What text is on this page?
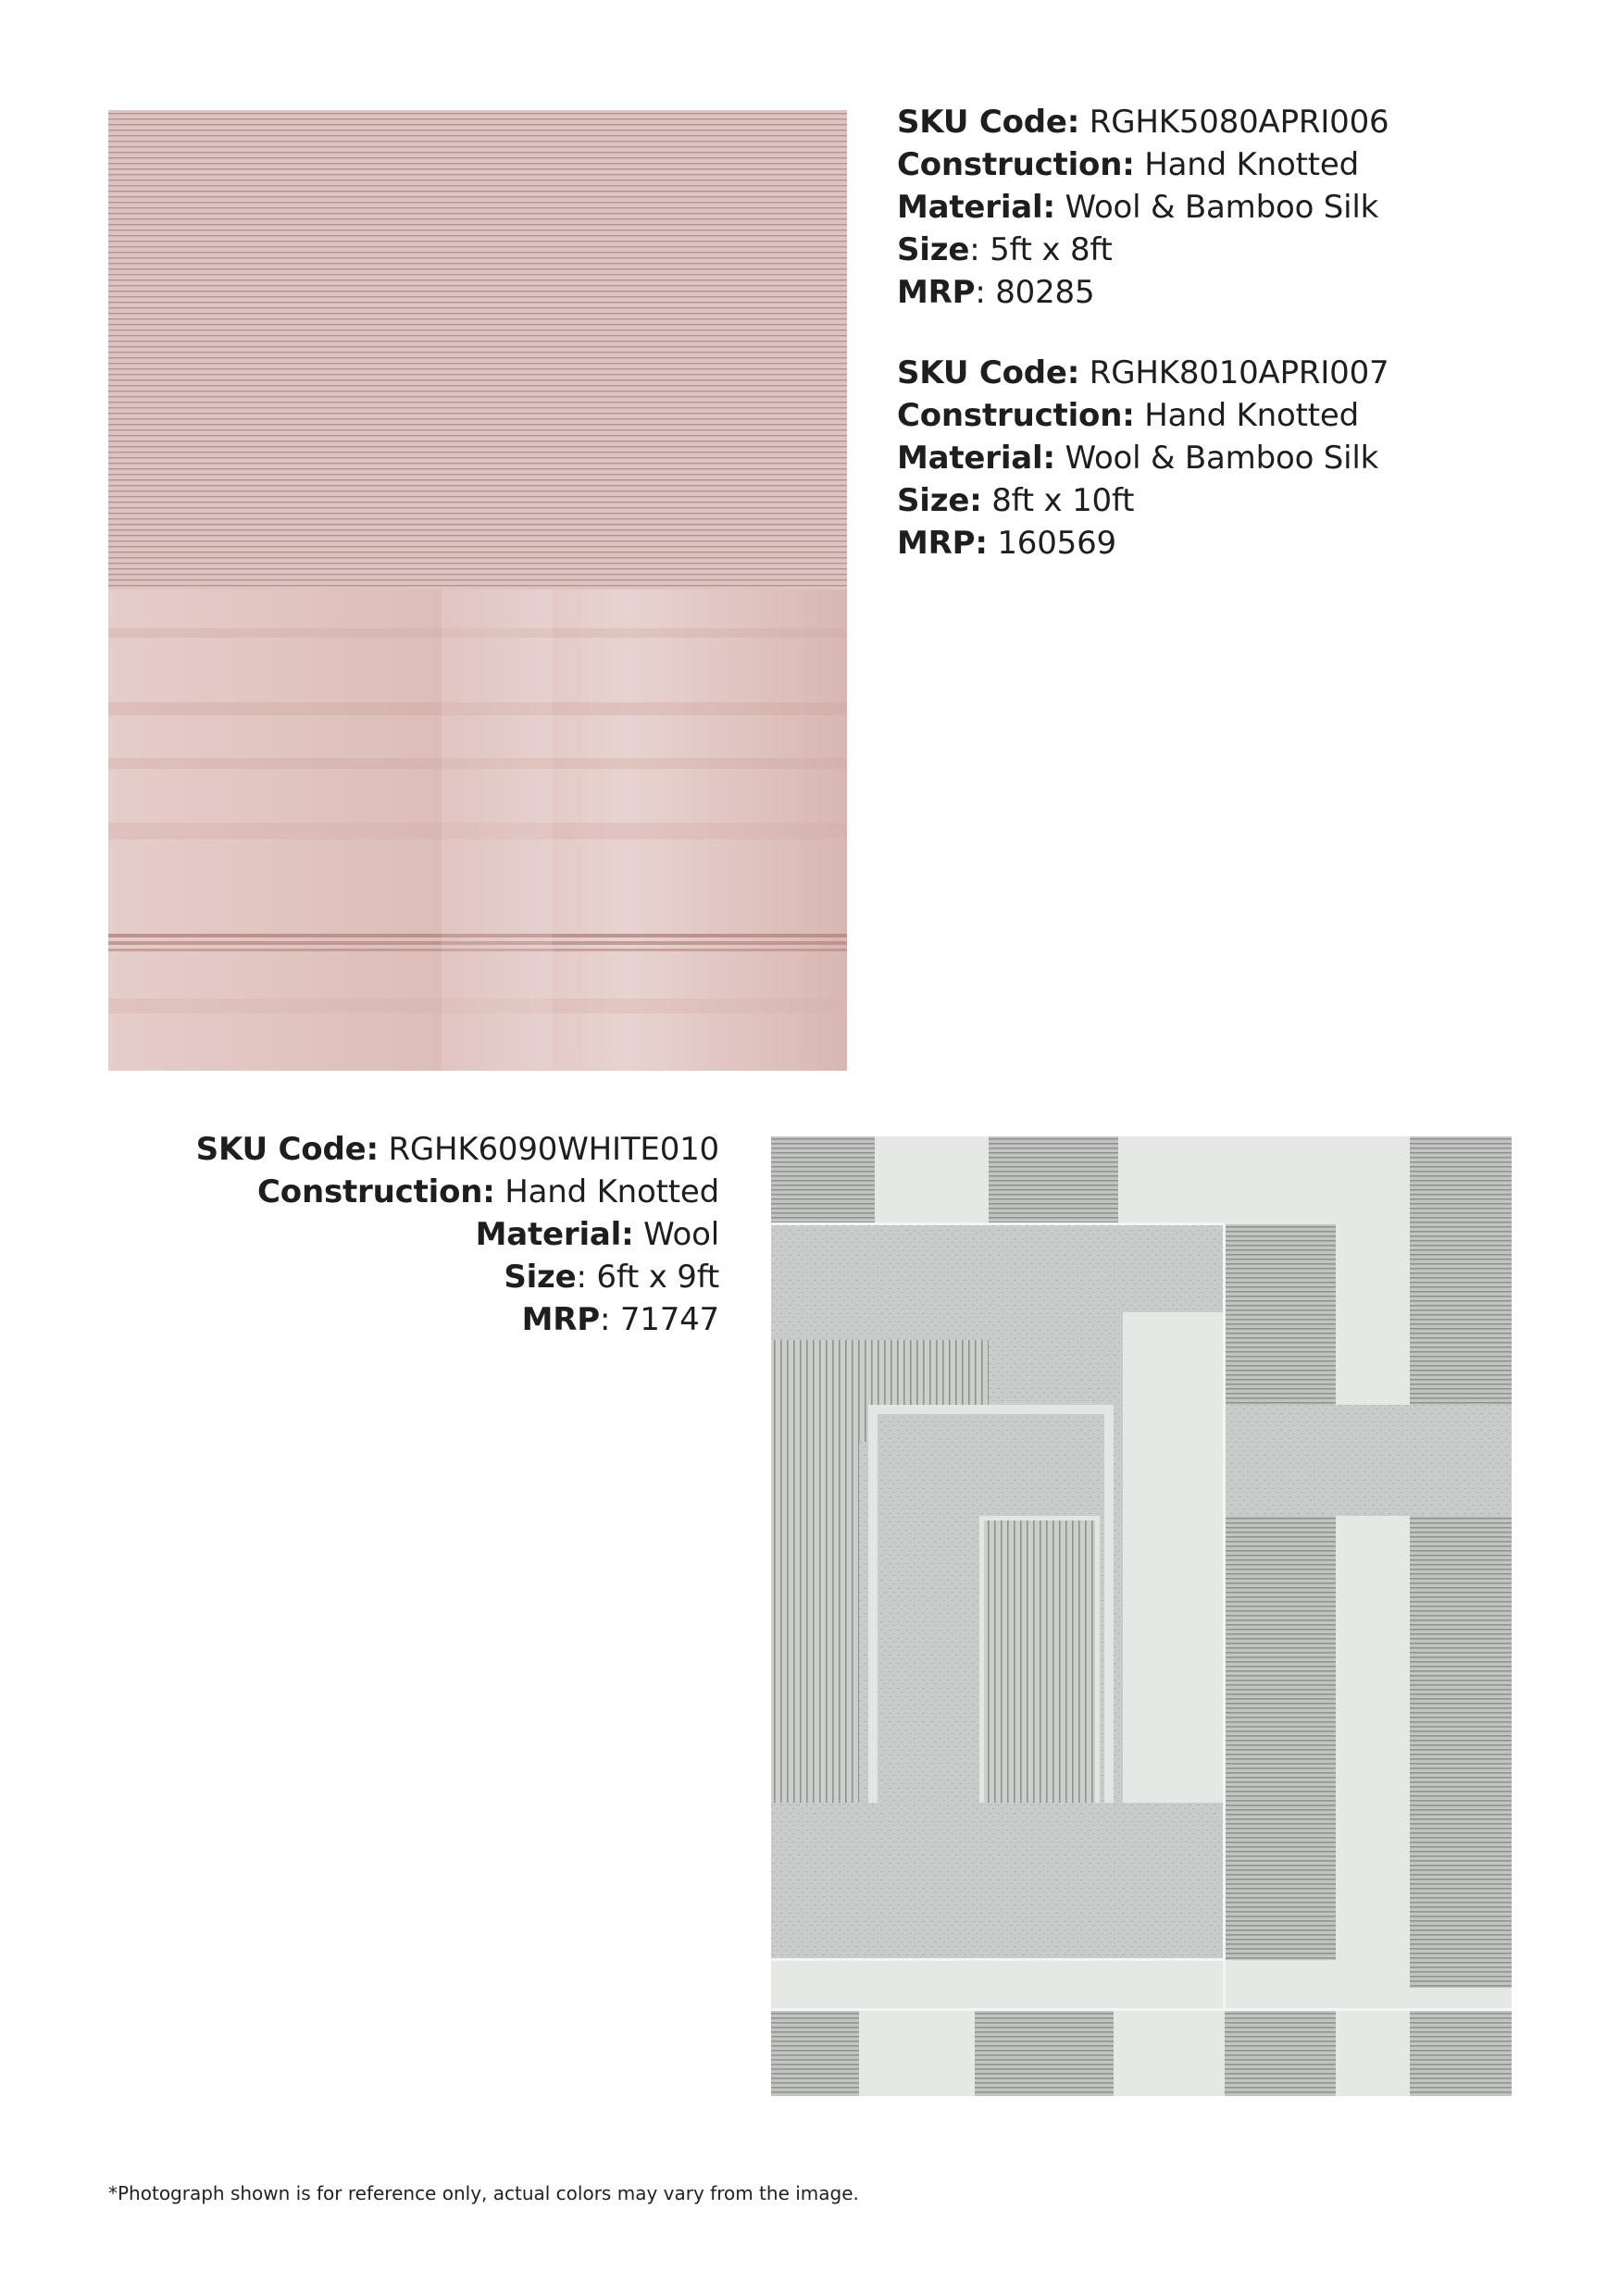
SKU Code: RGHK5080APRI006
Construction: Hand Knotted
Material: Wool & Bamboo Silk
Size: 5ft x 8ft
MRP: 80285
SKU Code: RGHK8010APRI007
Construction: Hand Knotted
Material: Wool & Bamboo Silk
Size: 8ft x 10ft
MRP: 160569
SKU Code: RGHK6090WHITE010
Construction: Hand Knotted
Material: Wool
Size: 6ft x 9ft
MRP: 71747
*Photograph shown is for reference only, actual colors may vary from the image.
